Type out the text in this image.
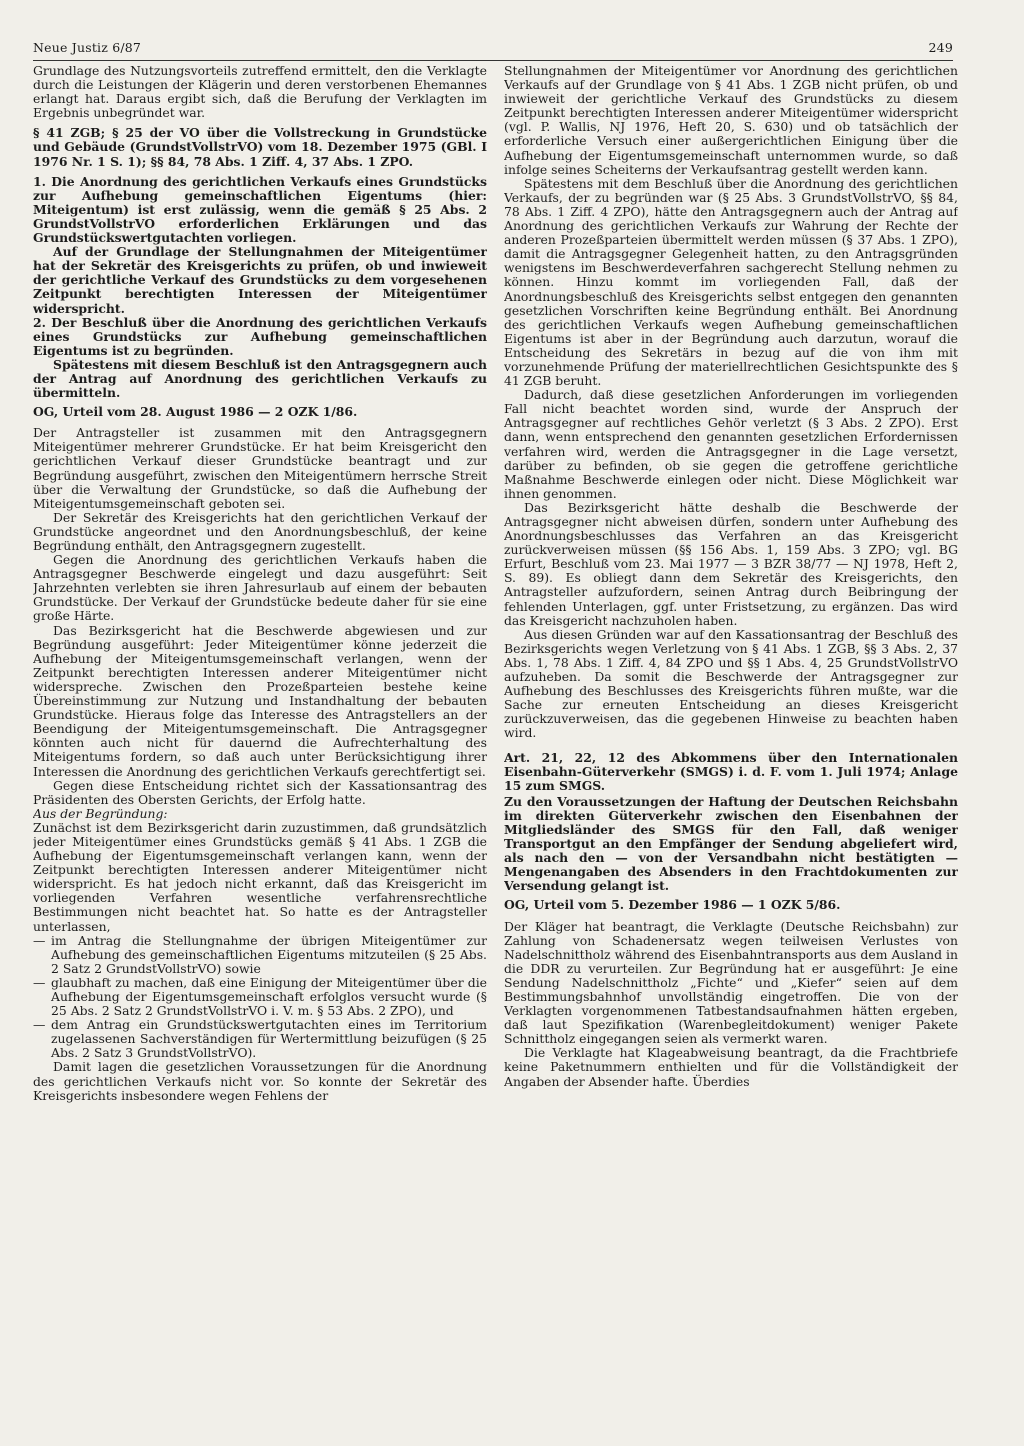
Neue Justiz 6/87	249

Grundlage des Nutzungsvorteils zutreffend ermittelt, den die Verklagte durch die Leistungen der Klägerin und deren verstorbenen Ehemannes erlangt hat. Daraus ergibt sich, daß die Berufung der Verklagten im Ergebnis unbegründet war.

§ 41 ZGB; § 25 der VO über die Vollstreckung in Grundstücke und Gebäude (GrundstVollstrVO) vom 18. Dezember 1975 (GBl. I 1976 Nr. 1 S. 1); §§ 84, 78 Abs. 1 Ziff. 4, 37 Abs. 1 ZPO.

1. Die Anordnung des gerichtlichen Verkaufs eines Grundstücks zur Aufhebung gemeinschaftlichen Eigentums (hier: Miteigentum) ist erst zulässig, wenn die gemäß § 25 Abs. 2 GrundstVollstrVO erforderlichen Erklärungen und das Grundstückswertgutachten vorliegen.

Auf der Grundlage der Stellungnahmen der Miteigentümer hat der Sekretär des Kreisgerichts zu prüfen, ob und inwieweit der gerichtliche Verkauf des Grundstücks zu dem vorgesehenen Zeitpunkt berechtigten Interessen der Miteigentümer widerspricht.

2. Der Beschluß über die Anordnung des gerichtlichen Verkaufs eines Grundstücks zur Aufhebung gemeinschaftlichen Eigentums ist zu begründen.

Spätestens mit diesem Beschluß ist den Antragsgegnern auch der Antrag auf Anordnung des gerichtlichen Verkaufs zu übermitteln.

OG, Urteil vom 28. August 1986 — 2 OZK 1/86.

Der Antragsteller ist zusammen mit den Antragsgegnern Miteigentümer mehrerer Grundstücke. Er hat beim Kreisgericht den gerichtlichen Verkauf dieser Grundstücke beantragt und zur Begründung ausgeführt, zwischen den Miteigentümern herrsche Streit über die Verwaltung der Grundstücke, so daß die Aufhebung der Miteigentumsgemeinschaft geboten sei.

Der Sekretär des Kreisgerichts hat den gerichtlichen Verkauf der Grundstücke angeordnet und den Anordnungsbeschluß, der keine Begründung enthält, den Antragsgegnern zugestellt.

Gegen die Anordnung des gerichtlichen Verkaufs haben die Antragsgegner Beschwerde eingelegt und dazu ausgeführt: Seit Jahrzehnten verlebten sie ihren Jahresurlaub auf einem der bebauten Grundstücke. Der Verkauf der Grundstücke bedeute daher für sie eine große Härte.

Das Bezirksgericht hat die Beschwerde abgewiesen und zur Begründung ausgeführt: Jeder Miteigentümer könne jederzeit die Aufhebung der Miteigentumsgemeinschaft verlangen, wenn der Zeitpunkt berechtigten Interessen anderer Miteigentümer nicht widerspreche. Zwischen den Prozeßparteien bestehe keine Übereinstimmung zur Nutzung und Instandhaltung der bebauten Grundstücke. Hieraus folge das Interesse des Antragstellers an der Beendigung der Miteigentumsgemeinschaft. Die Antragsgegner könnten auch nicht für dauernd die Aufrechterhaltung des Miteigentums fordern, so daß auch unter Berücksichtigung ihrer Interessen die Anordnung des gerichtlichen Verkaufs gerechtfertigt sei.

Gegen diese Entscheidung richtet sich der Kassationsantrag des Präsidenten des Obersten Gerichts, der Erfolg hatte.

Aus der Begründung:

Zunächst ist dem Bezirksgericht darin zuzustimmen, daß grundsätzlich jeder Miteigentümer eines Grundstücks gemäß § 41 Abs. 1 ZGB die Aufhebung der Eigentumsgemeinschaft verlangen kann, wenn der Zeitpunkt berechtigten Interessen anderer Miteigentümer nicht widerspricht. Es hat jedoch nicht erkannt, daß das Kreisgericht im vorliegenden Verfahren wesentliche verfahrensrechtliche Bestimmungen nicht beachtet hat. So hatte es der Antragsteller unterlassen,

— im Antrag die Stellungnahme der übrigen Miteigentümer zur Aufhebung des gemeinschaftlichen Eigentums mitzuteilen (§ 25 Abs. 2 Satz 2 GrundstVollstrVO) sowie
— glaubhaft zu machen, daß eine Einigung der Miteigentümer über die Aufhebung der Eigentumsgemeinschaft erfolglos versucht wurde (§ 25 Abs. 2 Satz 2 GrundstVollstrVO i. V. m. § 53 Abs. 2 ZPO), und
— dem Antrag ein Grundstückswertgutachten eines im Territorium zugelassenen Sachverständigen für Wertermittlung beizufügen (§ 25 Abs. 2 Satz 3 GrundstVollstrVO).

Damit lagen die gesetzlichen Voraussetzungen für die Anordnung des gerichtlichen Verkaufs nicht vor. So konnte der Sekretär des Kreisgerichts insbesondere wegen Fehlens der

Stellungnahmen der Miteigentümer vor Anordnung des gerichtlichen Verkaufs auf der Grundlage von § 41 Abs. 1 ZGB nicht prüfen, ob und inwieweit der gerichtliche Verkauf des Grundstücks zu diesem Zeitpunkt berechtigten Interessen anderer Miteigentümer widerspricht (vgl. P. Wallis, NJ 1976, Heft 20, S. 630) und ob tatsächlich der erforderliche Versuch einer außergerichtlichen Einigung über die Aufhebung der Eigentumsgemeinschaft unternommen wurde, so daß infolge seines Scheiterns der Verkaufsantrag gestellt werden kann.

Spätestens mit dem Beschluß über die Anordnung des gerichtlichen Verkaufs, der zu begründen war (§ 25 Abs. 3 GrundstVollstrVO, §§ 84, 78 Abs. 1 Ziff. 4 ZPO), hätte den Antragsgegnern auch der Antrag auf Anordnung des gerichtlichen Verkaufs zur Wahrung der Rechte der anderen Prozeßparteien übermittelt werden müssen (§ 37 Abs. 1 ZPO), damit die Antragsgegner Gelegenheit hatten, zu den Antragsgründen wenigstens im Beschwerdeverfahren sachgerecht Stellung nehmen zu können. Hinzu kommt im vorliegenden Fall, daß der Anordnungsbeschluß des Kreisgerichts selbst entgegen den genannten gesetzlichen Vorschriften keine Begründung enthält. Bei Anordnung des gerichtlichen Verkaufs wegen Aufhebung gemeinschaftlichen Eigentums ist aber in der Begründung auch darzutun, worauf die Entscheidung des Sekretärs in bezug auf die von ihm mit vorzunehmende Prüfung der materiellrechtlichen Gesichtspunkte des § 41 ZGB beruht.

Dadurch, daß diese gesetzlichen Anforderungen im vorliegenden Fall nicht beachtet worden sind, wurde der Anspruch der Antragsgegner auf rechtliches Gehör verletzt (§ 3 Abs. 2 ZPO). Erst dann, wenn entsprechend den genannten gesetzlichen Erfordernissen verfahren wird, werden die Antragsgegner in die Lage versetzt, darüber zu befinden, ob sie gegen die getroffene gerichtliche Maßnahme Beschwerde einlegen oder nicht. Diese Möglichkeit war ihnen genommen.

Das Bezirksgericht hätte deshalb die Beschwerde der Antragsgegner nicht abweisen dürfen, sondern unter Aufhebung des Anordnungsbeschlusses das Verfahren an das Kreisgericht zurückverweisen müssen (§§ 156 Abs. 1, 159 Abs. 3 ZPO; vgl. BG Erfurt, Beschluß vom 23. Mai 1977 — 3 BZR 38/77 — NJ 1978, Heft 2, S. 89). Es obliegt dann dem Sekretär des Kreisgerichts, den Antragsteller aufzufordern, seinen Antrag durch Beibringung der fehlenden Unterlagen, ggf. unter Fristsetzung, zu ergänzen. Das wird das Kreisgericht nachzuholen haben.

Aus diesen Gründen war auf den Kassationsantrag der Beschluß des Bezirksgerichts wegen Verletzung von § 41 Abs. 1 ZGB, §§ 3 Abs. 2, 37 Abs. 1, 78 Abs. 1 Ziff. 4, 84 ZPO und §§ 1 Abs. 4, 25 GrundstVollstrVO aufzuheben. Da somit die Beschwerde der Antragsgegner zur Aufhebung des Beschlusses des Kreisgerichts führen mußte, war die Sache zur erneuten Entscheidung an dieses Kreisgericht zurückzuverweisen, das die gegebenen Hinweise zu beachten haben wird.

Art. 21, 22, 12 des Abkommens über den Internationalen Eisenbahn-Güterverkehr (SMGS) i. d. F. vom 1. Juli 1974; Anlage 15 zum SMGS.

Zu den Voraussetzungen der Haftung der Deutschen Reichsbahn im direkten Güterverkehr zwischen den Eisenbahnen der Mitgliedsländer des SMGS für den Fall, daß weniger Transportgut an den Empfänger der Sendung abgeliefert wird, als nach den — von der Versandbahn nicht bestätigten — Mengenangaben des Absenders in den Frachtdokumenten zur Versendung gelangt ist.

OG, Urteil vom 5. Dezember 1986 — 1 OZK 5/86.

Der Kläger hat beantragt, die Verklagte (Deutsche Reichsbahn) zur Zahlung von Schadenersatz wegen teilweisen Verlustes von Nadelschnittholz während des Eisenbahntransports aus dem Ausland in die DDR zu verurteilen. Zur Begründung hat er ausgeführt: Je eine Sendung Nadelschnittholz „Fichte“ und „Kiefer“ seien auf dem Bestimmungsbahnhof unvollständig eingetroffen. Die von der Verklagten vorgenommenen Tatbestandsaufnahmen hätten ergeben, daß laut Spezifikation (Warenbegleitdokument) weniger Pakete Schnittholz eingegangen seien als vermerkt waren.

Die Verklagte hat Klageabweisung beantragt, da die Frachtbriefe keine Paketnummern enthielten und für die Vollständigkeit der Angaben der Absender hafte. Überdies
